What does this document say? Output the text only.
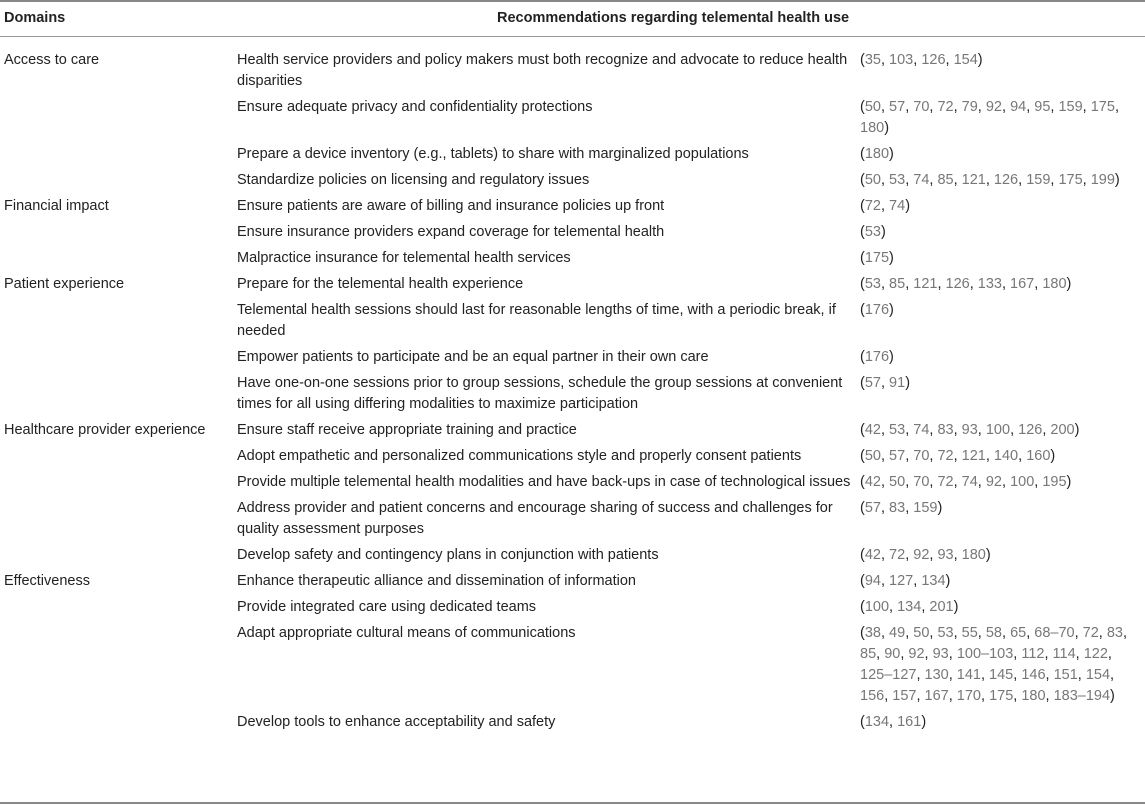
Domains	Recommendations regarding telemental health use
Access to care	Health service providers and policy makers must both recognize and advocate to reduce health disparities	(35, 103, 126, 154)
	Ensure adequate privacy and confidentiality protections	(50, 57, 70, 72, 79, 92, 94, 95, 159, 175, 180)
	Prepare a device inventory (e.g., tablets) to share with marginalized populations	(180)
	Standardize policies on licensing and regulatory issues	(50, 53, 74, 85, 121, 126, 159, 175, 199)
Financial impact	Ensure patients are aware of billing and insurance policies up front	(72, 74)
	Ensure insurance providers expand coverage for telemental health	(53)
	Malpractice insurance for telemental health services	(175)
Patient experience	Prepare for the telemental health experience	(53, 85, 121, 126, 133, 167, 180)
	Telemental health sessions should last for reasonable lengths of time, with a periodic break, if needed	(176)
	Empower patients to participate and be an equal partner in their own care	(176)
	Have one-on-one sessions prior to group sessions, schedule the group sessions at convenient times for all using differing modalities to maximize participation	(57, 91)
Healthcare provider experience	Ensure staff receive appropriate training and practice	(42, 53, 74, 83, 93, 100, 126, 200)
	Adopt empathetic and personalized communications style and properly consent patients	(50, 57, 70, 72, 121, 140, 160)
	Provide multiple telemental health modalities and have back-ups in case of technological issues	(42, 50, 70, 72, 74, 92, 100, 195)
	Address provider and patient concerns and encourage sharing of success and challenges for quality assessment purposes	(57, 83, 159)
	Develop safety and contingency plans in conjunction with patients	(42, 72, 92, 93, 180)
Effectiveness	Enhance therapeutic alliance and dissemination of information	(94, 127, 134)
	Provide integrated care using dedicated teams	(100, 134, 201)
	Adapt appropriate cultural means of communications	(38, 49, 50, 53, 55, 58, 65, 68–70, 72, 83, 85, 90, 92, 93, 100–103, 112, 114, 122, 125–127, 130, 141, 145, 146, 151, 154, 156, 157, 167, 170, 175, 180, 183–194)
	Develop tools to enhance acceptability and safety	(134, 161)
